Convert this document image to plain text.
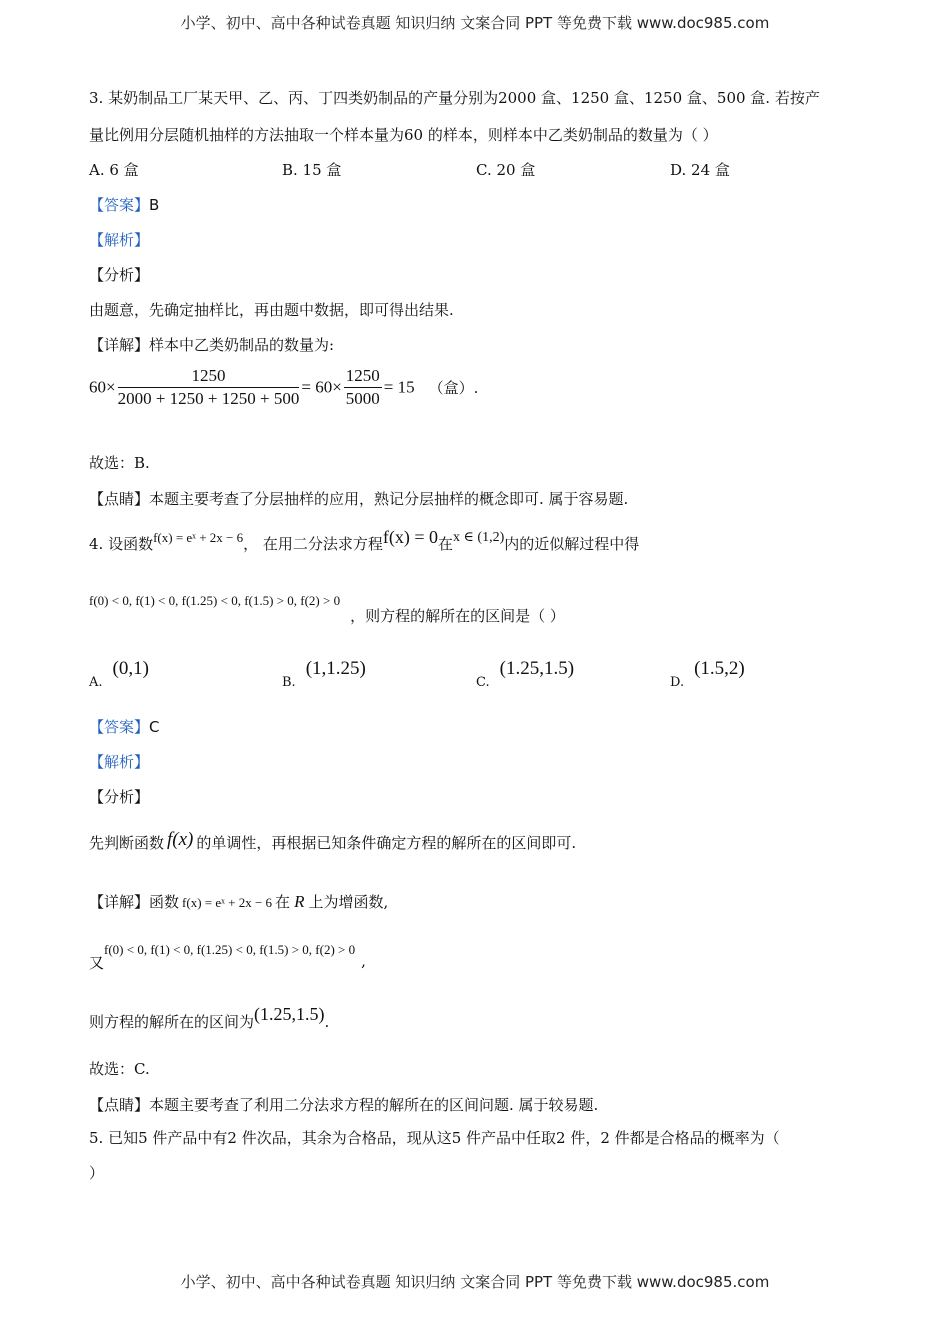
小学、初中、高中各种试卷真题 知识归纳 文案合同 PPT 等免费下载 www.doc985.com
3. 某奶制品工厂某天甲、乙、丙、丁四类奶制品的产量分别为2000 盒、1250 盒、1250 盒、500 盒. 若按产
量比例用分层随机抽样的方法抽取一个样本量为60 的样本，则样本中乙类奶制品的数量为（ ）
A. 6 盒	B. 15 盒	C. 20 盒	D. 24 盒
【答案】B
【解析】
【分析】
由题意，先确定抽样比，再由题中数据，即可得出结果.
【详解】样本中乙类奶制品的数量为:
$60\times \frac{1250}{2000 + 1250 + 1250 + 500} = 60\times \frac{1250}{5000} = 15$ （盒）.
故选：B.
【点睛】本题主要考查了分层抽样的应用，熟记分层抽样的概念即可. 属于容易题.
4. 设函数f(x) = eˣ + 2x − 6， 在用二分法求方程f(x) = 0在x ∈ (1,2)内的近似解过程中得
f(0) < 0, f(1) < 0, f(1.25) < 0, f(1.5) > 0, f(2) > 0，则方程的解所在的区间是（ ）
A.(0,1)
B.(1,1.25)
C.(1.25,1.5)
D.(1.5,2)
【答案】C
【解析】
【分析】
先判断函数 f(x) 的单调性，再根据已知条件确定方程的解所在的区间即可.
【详解】函数 f(x) = eˣ + 2x − 6 在 R 上为增函数,
又f(0) < 0, f(1) < 0, f(1.25) < 0, f(1.5) > 0, f(2) > 0,
则方程的解所在的区间为(1.25,1.5).
故选：C.
【点睛】本题主要考查了利用二分法求方程的解所在的区间问题. 属于较易题.
5. 已知5 件产品中有2 件次品，其余为合格品，现从这5 件产品中任取2 件，2 件都是合格品的概率为（
）
小学、初中、高中各种试卷真题 知识归纳 文案合同 PPT 等免费下载 www.doc985.com
